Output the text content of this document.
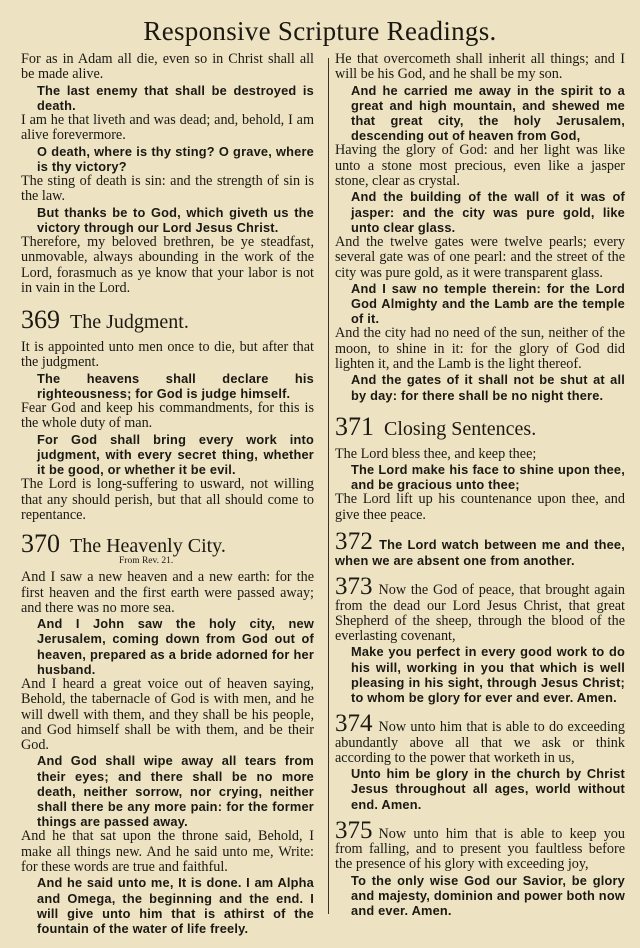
Responsive Scripture Readings.

For as in Adam all die, even so in Christ shall all be made alive.

The last enemy that shall be destroyed is death.

I am he that liveth and was dead; and, behold, I am alive forevermore.

O death, where is thy sting? O grave, where is thy victory?

The sting of death is sin: and the strength of sin is the law.

But thanks be to God, which giveth us the victory through our Lord Jesus Christ.

Therefore, my beloved brethren, be ye steadfast, unmovable, always abounding in the work of the Lord, forasmuch as ye know that your labor is not in vain in the Lord.

369 The Judgment.

It is appointed unto men once to die, but after that the judgment.

The heavens shall declare his righteousness; for God is judge himself.

Fear God and keep his commandments, for this is the whole duty of man.

For God shall bring every work into judgment, with every secret thing, whether it be good, or whether it be evil.

The Lord is long-suffering to usward, not willing that any should perish, but that all should come to repentance.

370 The Heavenly City.
From Rev. 21.

And I saw a new heaven and a new earth: for the first heaven and the first earth were passed away; and there was no more sea.

And I John saw the holy city, new Jerusalem, coming down from God out of heaven, prepared as a bride adorned for her husband.

And I heard a great voice out of heaven saying, Behold, the tabernacle of God is with men, and he will dwell with them, and they shall be his people, and God himself shall be with them, and be their God.

And God shall wipe away all tears from their eyes; and there shall be no more death, neither sorrow, nor crying, neither shall there be any more pain: for the former things are passed away.

And he that sat upon the throne said, Behold, I make all things new. And he said unto me, Write: for these words are true and faithful.

And he said unto me, It is done. I am Alpha and Omega, the beginning and the end. I will give unto him that is athirst of the fountain of the water of life freely.

He that overcometh shall inherit all things; and I will be his God, and he shall be my son.

And he carried me away in the spirit to a great and high mountain, and shewed me that great city, the holy Jerusalem, descending out of heaven from God,

Having the glory of God: and her light was like unto a stone most precious, even like a jasper stone, clear as crystal.

And the building of the wall of it was of jasper: and the city was pure gold, like unto clear glass.

And the twelve gates were twelve pearls; every several gate was of one pearl: and the street of the city was pure gold, as it were transparent glass.

And I saw no temple therein: for the Lord God Almighty and the Lamb are the temple of it.

And the city had no need of the sun, neither of the moon, to shine in it: for the glory of God did lighten it, and the Lamb is the light thereof.

And the gates of it shall not be shut at all by day: for there shall be no night there.

371 Closing Sentences.

The Lord bless thee, and keep thee;

The Lord make his face to shine upon thee, and be gracious unto thee;

The Lord lift up his countenance upon thee, and give thee peace.

372 The Lord watch between me and thee, when we are absent one from another.

373 Now the God of peace, that brought again from the dead our Lord Jesus Christ, that great Shepherd of the sheep, through the blood of the everlasting covenant,

Make you perfect in every good work to do his will, working in you that which is well pleasing in his sight, through Jesus Christ; to whom be glory for ever and ever. Amen.

374 Now unto him that is able to do exceeding abundantly above all that we ask or think according to the power that worketh in us,

Unto him be glory in the church by Christ Jesus throughout all ages, world without end. Amen.

375 Now unto him that is able to keep you from falling, and to present you faultless before the presence of his glory with exceeding joy,

To the only wise God our Savior, be glory and majesty, dominion and power both now and ever. Amen.
